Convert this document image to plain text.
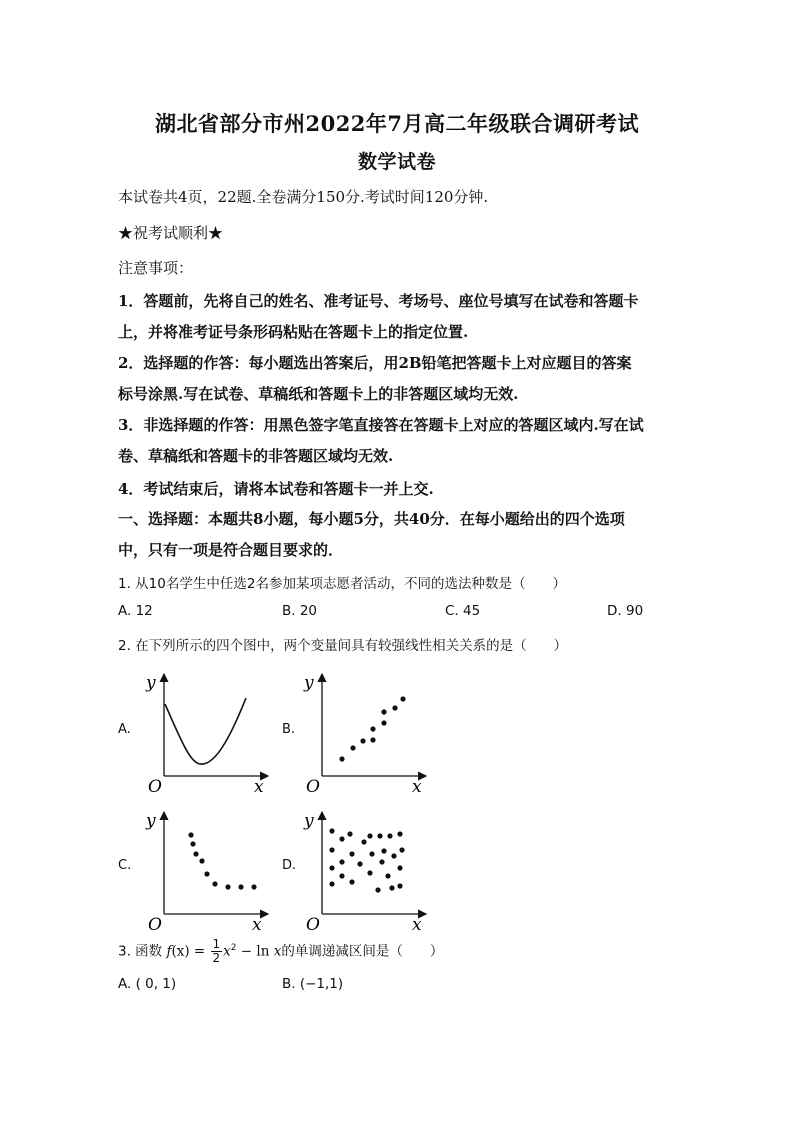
湖北省部分市州2022年7月高二年级联合调研考试
数学试卷
本试卷共4页，22题.全卷满分150分.考试时间120分钟.
★祝考试顺利★
注意事项：
1．答题前，先将自己的姓名、准考证号、考场号、座位号填写在试卷和答题卡
上，并将准考证号条形码粘贴在答题卡上的指定位置.
2．选择题的作答：每小题选出答案后，用2B铅笔把答题卡上对应题目的答案
标号涂黑.写在试卷、草稿纸和答题卡上的非答题区域均无效.
3．非选择题的作答：用黑色签字笔直接答在答题卡上对应的答题区域内.写在试
卷、草稿纸和答题卡的非答题区域均无效.
4．考试结束后，请将本试卷和答题卡一并上交.
一、选择题：本题共8小题，每小题5分，共40分．在每小题给出的四个选项
中，只有一项是符合题目要求的．
1. 从10名学生中任选2名参加某项志愿者活动，不同的选法种数是（　　）
A. 12	B. 20	C. 45	D. 90
2. 在下列所示的四个图中，两个变量间具有较强线性相关关系的是（　　）
A.	B.
C.	D.
y
O	x
y
O	x
y
O	x
y
O	x
3. 函数 $f(x) = \frac{1}{2} x^2 - \ln x$的单调递减区间是（　　）
A. ( 0, 1)	B. (−1,1)
